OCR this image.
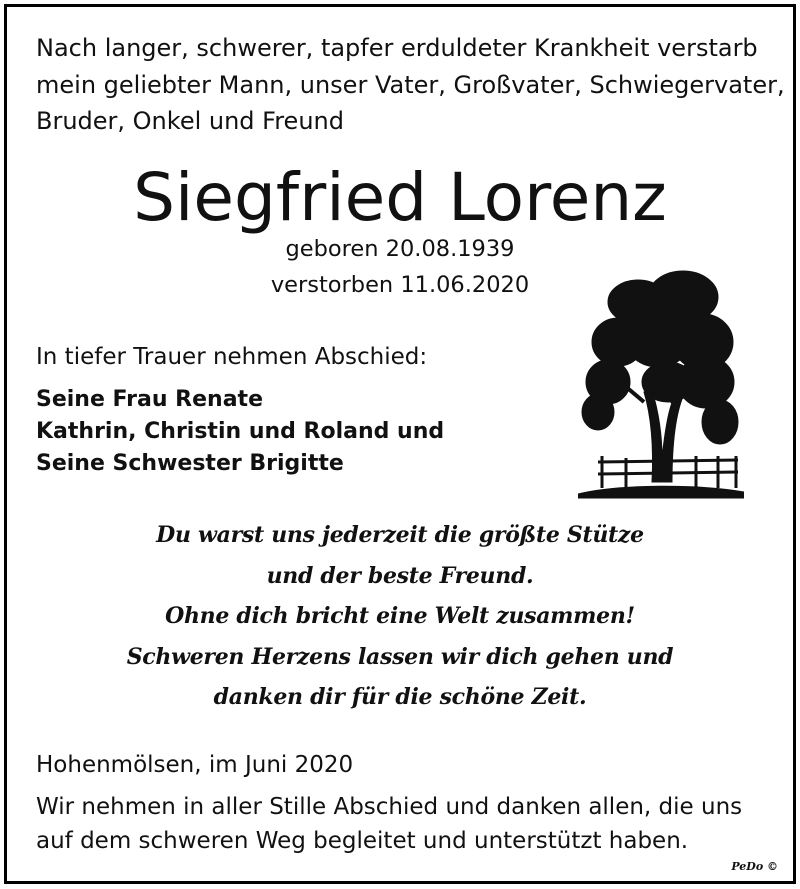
Nach langer, schwerer, tapfer erduldeter Krankheit verstarb
mein geliebter Mann, unser Vater, Großvater, Schwiegervater,
Bruder, Onkel und Freund
Siegfried Lorenz
geboren 20.08.1939
verstorben 11.06.2020
In tiefer Trauer nehmen Abschied:
Seine Frau Renate
Kathrin, Christin und Roland und
Seine Schwester Brigitte
Du warst uns jederzeit die größte Stütze
und der beste Freund.
Ohne dich bricht eine Welt zusammen!
Schweren Herzens lassen wir dich gehen und
danken dir für die schöne Zeit.
Hohenmölsen, im Juni 2020
Wir nehmen in aller Stille Abschied und danken allen, die uns
auf dem schweren Weg begleitet und unterstützt haben.
PeDo ©
